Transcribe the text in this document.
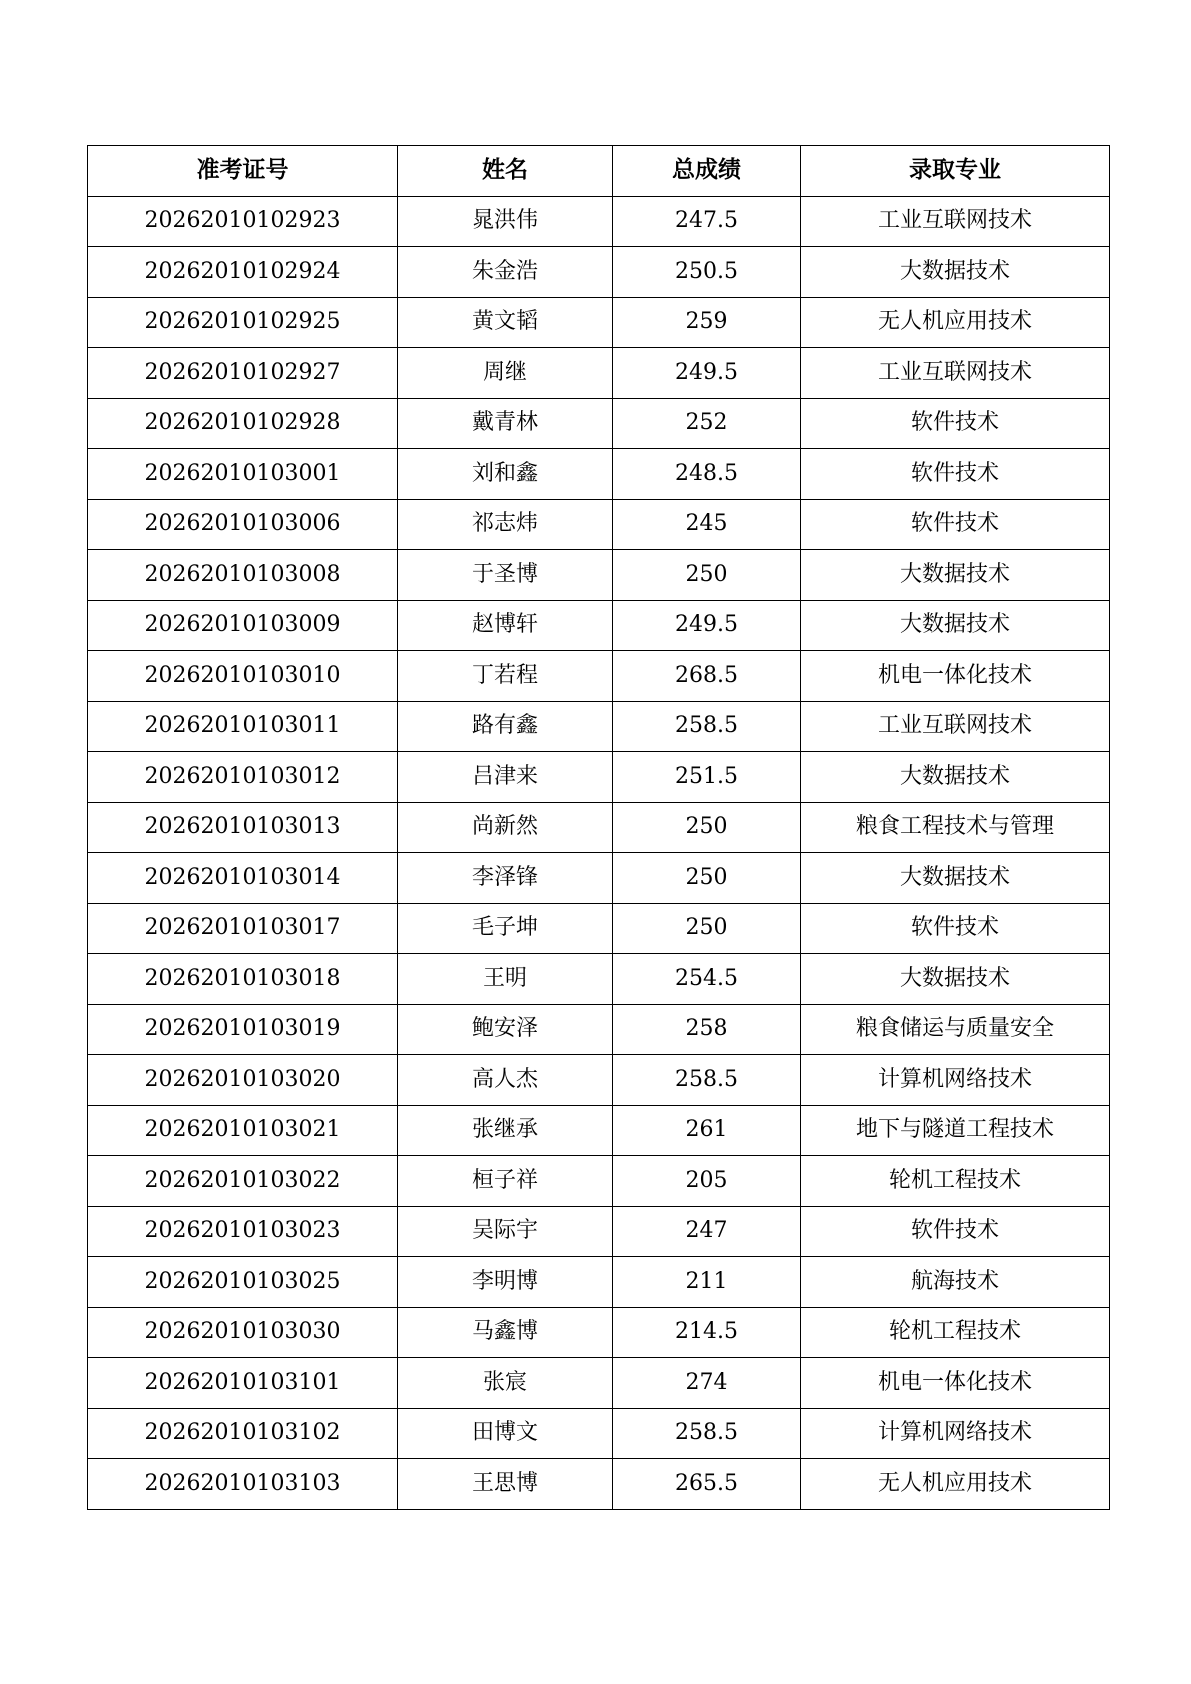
准考证号	姓名	总成绩	录取专业
20262010102923	晁洪伟	247.5	工业互联网技术
20262010102924	朱金浩	250.5	大数据技术
20262010102925	黄文韬	259	无人机应用技术
20262010102927	周继	249.5	工业互联网技术
20262010102928	戴青林	252	软件技术
20262010103001	刘和鑫	248.5	软件技术
20262010103006	祁志炜	245	软件技术
20262010103008	于圣博	250	大数据技术
20262010103009	赵博轩	249.5	大数据技术
20262010103010	丁若程	268.5	机电一体化技术
20262010103011	路有鑫	258.5	工业互联网技术
20262010103012	吕津来	251.5	大数据技术
20262010103013	尚新然	250	粮食工程技术与管理
20262010103014	李泽锋	250	大数据技术
20262010103017	毛子坤	250	软件技术
20262010103018	王明	254.5	大数据技术
20262010103019	鲍安泽	258	粮食储运与质量安全
20262010103020	高人杰	258.5	计算机网络技术
20262010103021	张继承	261	地下与隧道工程技术
20262010103022	桓子祥	205	轮机工程技术
20262010103023	吴际宇	247	软件技术
20262010103025	李明博	211	航海技术
20262010103030	马鑫博	214.5	轮机工程技术
20262010103101	张宸	274	机电一体化技术
20262010103102	田博文	258.5	计算机网络技术
20262010103103	王思博	265.5	无人机应用技术
